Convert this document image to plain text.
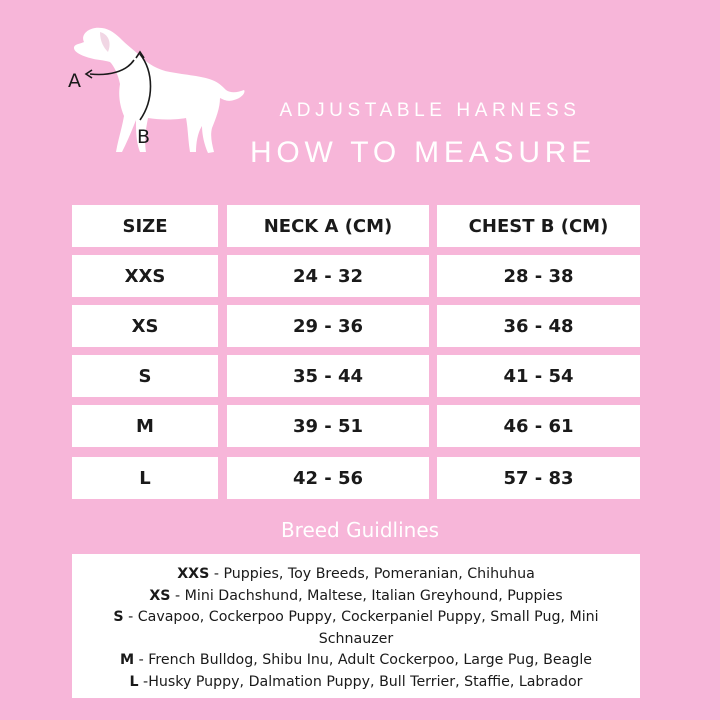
A
B
ADJUSTABLE HARNESS
HOW TO MEASURE
SIZE	NECK A (CM)	CHEST B (CM)
XXS	24 - 32	28 - 38
XS	29 - 36	36 - 48
S	35 - 44	41 - 54
M	39 - 51	46 - 61
L	42 - 56	57 - 83
Breed Guidlines
XXS - Puppies, Toy Breeds, Pomeranian, Chihuhua
XS - Mini Dachshund, Maltese, Italian Greyhound, Puppies
S - Cavapoo, Cockerpoo Puppy, Cockerpaniel Puppy, Small Pug, Mini Schnauzer
M - French Bulldog, Shibu Inu, Adult Cockerpoo, Large Pug, Beagle
L -Husky Puppy, Dalmation Puppy, Bull Terrier, Staffie, Labrador
